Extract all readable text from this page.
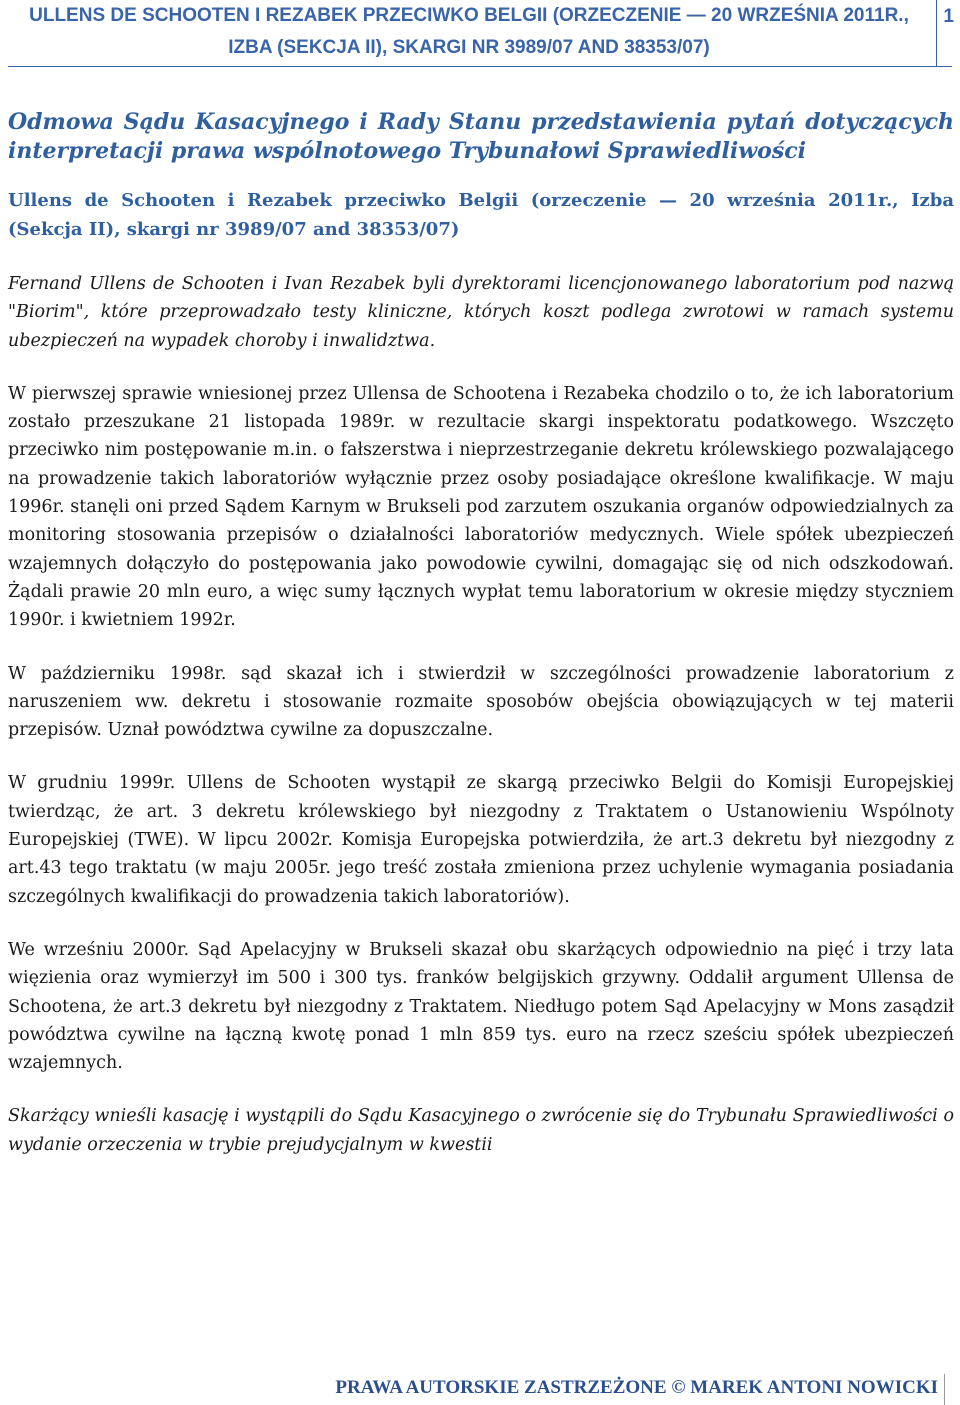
ULLENS DE SCHOOTEN I REZABEK PRZECIWKO BELGII (ORZECZENIE — 20 WRZEŚNIA 2011R.,
IZBA (SEKCJA II), SKARGI NR 3989/07 AND 38353/07)
1
Odmowa Sądu Kasacyjnego i Rady Stanu przedstawienia pytań dotyczących interpretacji prawa wspólnotowego Trybunałowi Sprawiedliwości
Ullens de Schooten i Rezabek przeciwko Belgii (orzeczenie — 20 września 2011r., Izba (Sekcja II), skargi nr 3989/07 and 38353/07)

Fernand Ullens de Schooten i Ivan Rezabek byli dyrektorami licencjonowanego laboratorium pod nazwą "Biorim", które przeprowadzało testy kliniczne, których koszt podlega zwrotowi w ramach systemu ubezpieczeń na wypadek choroby i inwalidztwa.

W pierwszej sprawie wniesionej przez Ullensa de Schootena i Rezabeka chodzilo o to, że ich laboratorium zostało przeszukane 21 listopada 1989r. w rezultacie skargi inspektoratu podatkowego. Wszczęto przeciwko nim postępowanie m.in. o fałszerstwa i nieprzestrzeganie dekretu królewskiego pozwalającego na prowadzenie takich laboratoriów wyłącznie przez osoby posiadające określone kwalifikacje. W maju 1996r. stanęli oni przed Sądem Karnym w Brukseli pod zarzutem oszukania organów odpowiedzialnych za monitoring stosowania przepisów o działalności laboratoriów medycznych. Wiele spółek ubezpieczeń wzajemnych dołączyło do postępowania jako powodowie cywilni, domagając się od nich odszkodowań. Żądali prawie 20 mln euro, a więc sumy łącznych wypłat temu laboratorium w okresie między styczniem 1990r. i kwietniem 1992r.

W październiku 1998r. sąd skazał ich i stwierdził w szczególności prowadzenie laboratorium z naruszeniem ww. dekretu i stosowanie rozmaite sposobów obejścia obowiązujących w tej materii przepisów. Uznał powództwa cywilne za dopuszczalne.

W grudniu 1999r. Ullens de Schooten wystąpił ze skargą przeciwko Belgii do Komisji Europejskiej twierdząc, że art. 3 dekretu królewskiego był niezgodny z Traktatem o Ustanowieniu Wspólnoty Europejskiej (TWE). W lipcu 2002r. Komisja Europejska potwierdziła, że art.3 dekretu był niezgodny z art.43 tego traktatu (w maju 2005r. jego treść została zmieniona przez uchylenie wymagania posiadania szczególnych kwalifikacji do prowadzenia takich laboratoriów).

We wrześniu 2000r. Sąd Apelacyjny w Brukseli skazał obu skarżących odpowiednio na pięć i trzy lata więzienia oraz wymierzył im 500 i 300 tys. franków belgijskich grzywny. Oddalił argument Ullensa de Schootena, że art.3 dekretu był niezgodny z Traktatem. Niedługo potem Sąd Apelacyjny w Mons zasądził powództwa cywilne na łączną kwotę ponad 1 mln 859 tys. euro na rzecz sześciu spółek ubezpieczeń wzajemnych.

Skarżący wnieśli kasację i wystąpili do Sądu Kasacyjnego o zwrócenie się do Trybunału Sprawiedliwości o wydanie orzeczenia w trybie prejudycjalnym w kwestii

PRAWA AUTORSKIE ZASTRZEŻONE © MAREK ANTONI NOWICKI
